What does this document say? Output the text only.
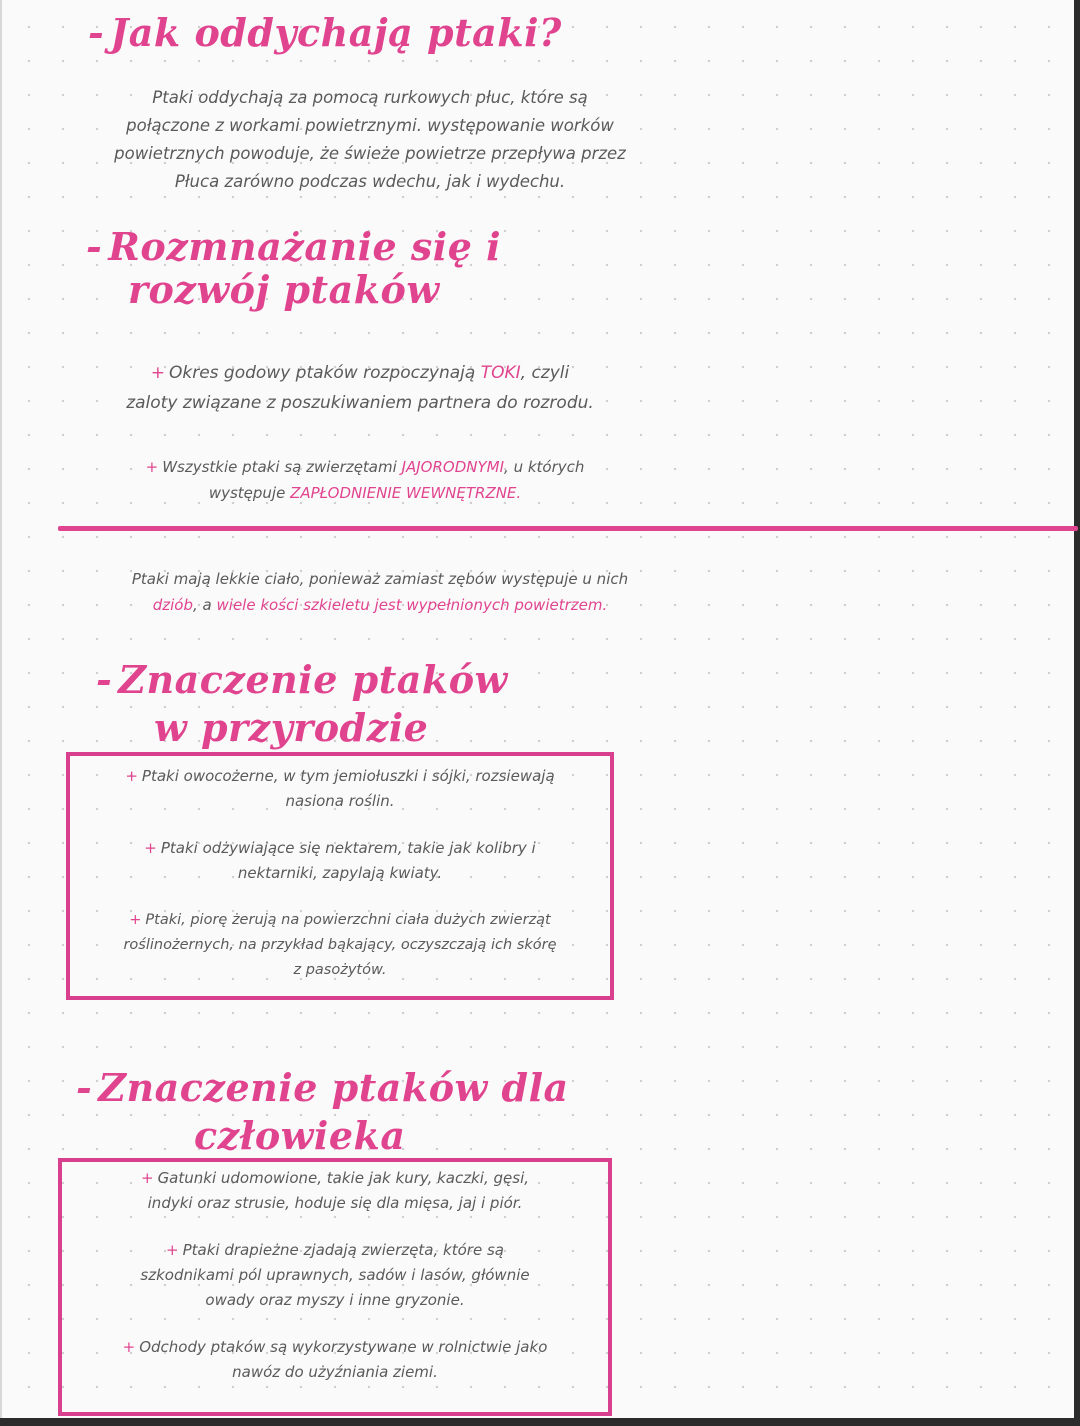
- Jak oddychają ptaki?

Ptaki oddychają za pomocą rurkowych płuc, które są
połączone z workami powietrznymi. występowanie worków
powietrznych powoduje, że świeże powietrze przepływa przez
Płuca zarówno podczas wdechu, jak i wydechu.

- Rozmnażanie się i
rozwój ptaków

+ Okres godowy ptaków rozpoczynają TOKI, czyli
zaloty związane z poszukiwaniem partnera do rozrodu.

+ Wszystkie ptaki są zwierzętami JAJORODNYMI, u których
występuje ZAPŁODNIENIE WEWNĘTRZNE.

Ptaki mają lekkie ciało, ponieważ zamiast zębów występuje u nich
dziób, a wiele kości szkieletu jest wypełnionych powietrzem.

- Znaczenie ptaków
w przyrodzie
+ Ptaki owocożerne, w tym jemiołuszki i sójki, rozsiewają
nasiona roślin.
+ Ptaki odżywiające się nektarem, takie jak kolibry i
nektarniki, zapylają kwiaty.
+ Ptaki, piorę żerują na powierzchni ciała dużych zwierząt
roślinożernych, na przykład bąkający, oczyszczają ich skórę
z pasożytów.
- Znaczenie ptaków dla
człowieka
+ Gatunki udomowione, takie jak kury, kaczki, gęsi,
indyki oraz strusie, hoduje się dla mięsa, jaj i piór.
+ Ptaki drapieżne zjadają zwierzęta, które są
szkodnikami pól uprawnych, sadów i lasów, głównie
owady oraz myszy i inne gryzonie.
+ Odchody ptaków są wykorzystywane w rolnictwie jako
nawóz do użyźniania ziemi.
